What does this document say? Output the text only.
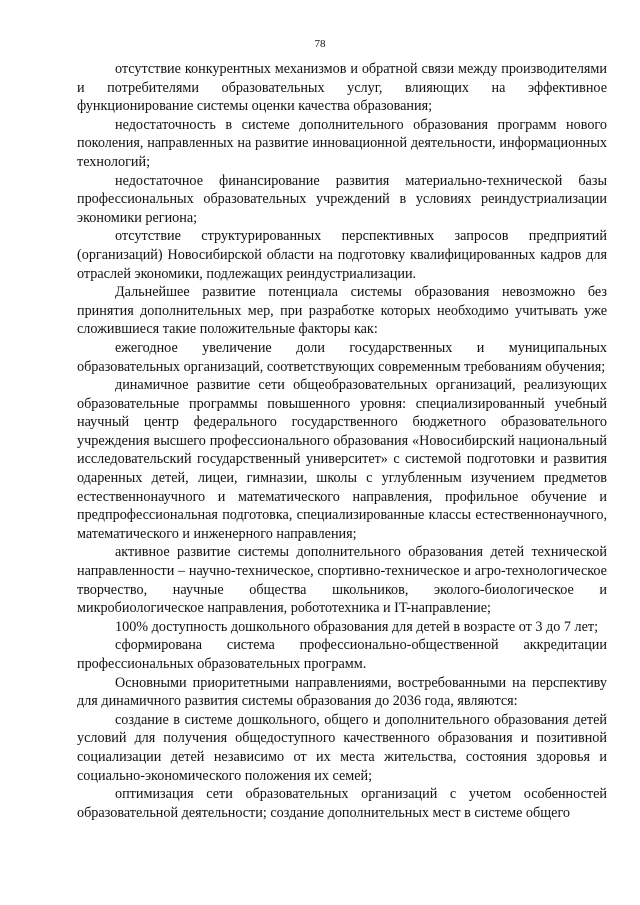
78

отсутствие конкурентных механизмов и обратной связи между производителями и потребителями образовательных услуг, влияющих на эффективное функционирование системы оценки качества образования;

недостаточность в системе дополнительного образования программ нового поколения, направленных на развитие инновационной деятельности, информационных технологий;

недостаточное финансирование развития материально-технической базы профессиональных образовательных учреждений в условиях реиндустриализации экономики региона;

отсутствие структурированных перспективных запросов предприятий (организаций) Новосибирской области на подготовку квалифицированных кадров для отраслей экономики, подлежащих реиндустриализации.

Дальнейшее развитие потенциала системы образования невозможно без принятия дополнительных мер, при разработке которых необходимо учитывать уже сложившиеся такие положительные факторы как:

ежегодное увеличение доли государственных и муниципальных образовательных организаций, соответствующих современным требованиям обучения;

динамичное развитие сети общеобразовательных организаций, реализующих образовательные программы повышенного уровня: специализированный учебный научный центр федерального государственного бюджетного образовательного учреждения высшего профессионального образования «Новосибирский национальный исследовательский государственный университет» с системой подготовки и развития одаренных детей, лицеи, гимназии, школы с углубленным изучением предметов естественнонаучного и математического направления, профильное обучение и предпрофессиональная подготовка, специализированные классы естественнонаучного, математического и инженерного направления;

активное развитие системы дополнительного образования детей технической направленности – научно-техническое, спортивно-техническое и агро-технологическое творчество, научные общества школьников, эколого-биологическое и микробиологическое направления, робототехника и IT-направление;

100% доступность дошкольного образования для детей в возрасте от 3 до 7 лет;

сформирована система профессионально-общественной аккредитации профессиональных образовательных программ.

Основными приоритетными направлениями, востребованными на перспективу для динамичного развития системы образования до 2036 года, являются:

создание в системе дошкольного, общего и дополнительного образования детей условий для получения общедоступного качественного образования и позитивной социализации детей независимо от их места жительства, состояния здоровья и социально-экономического положения их семей;

оптимизация сети образовательных организаций с учетом особенностей образовательной деятельности; создание дополнительных мест в системе общего
